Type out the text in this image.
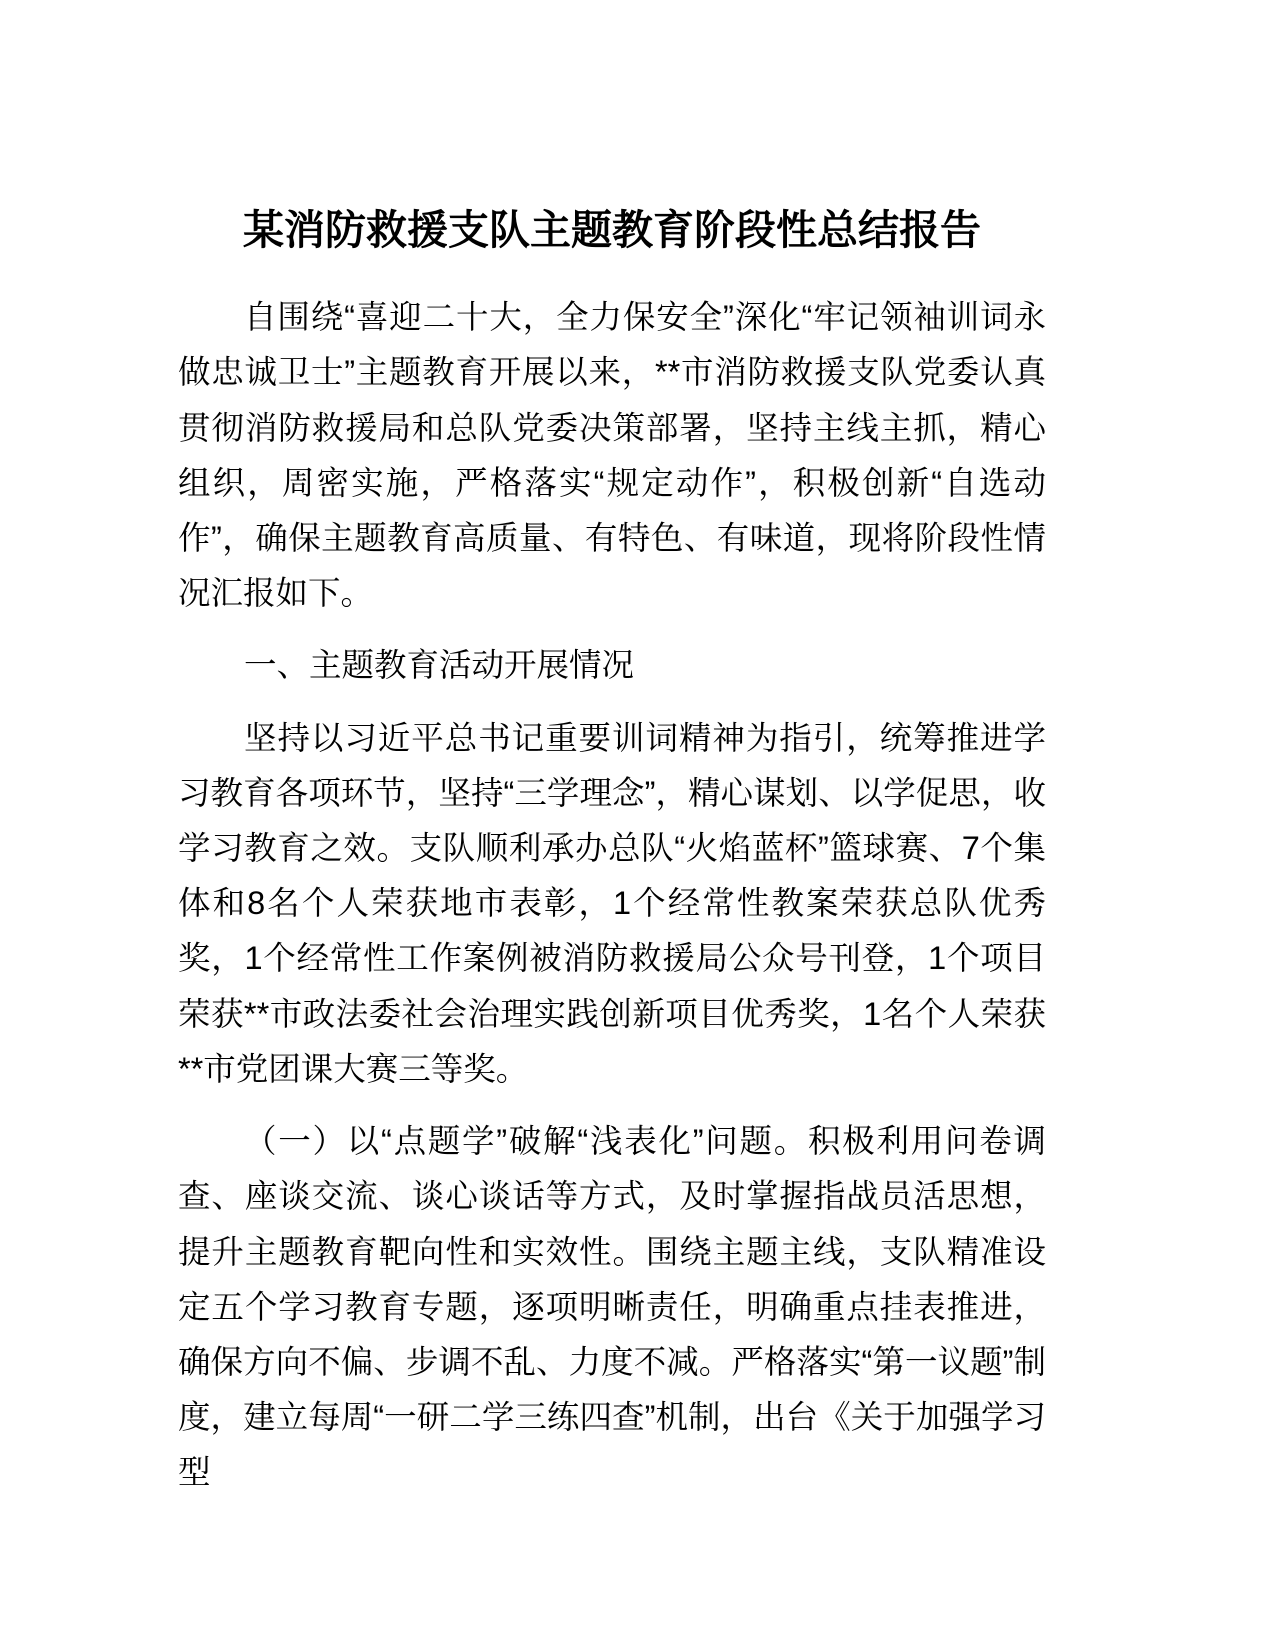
某消防救援支队主题教育阶段性总结报告

自围绕“喜迎二十大，全力保安全”深化“牢记领袖训词永做忠诚卫士”主题教育开展以来，**市消防救援支队党委认真贯彻消防救援局和总队党委决策部署，坚持主线主抓，精心组织，周密实施，严格落实“规定动作”，积极创新“自选动作”，确保主题教育高质量、有特色、有味道，现将阶段性情况汇报如下。

一、主题教育活动开展情况

坚持以习近平总书记重要训词精神为指引，统筹推进学习教育各项环节，坚持“三学理念”，精心谋划、以学促思，收学习教育之效。支队顺利承办总队“火焰蓝杯”篮球赛、7个集体和8名个人荣获地市表彰，1个经常性教案荣获总队优秀奖，1个经常性工作案例被消防救援局公众号刊登，1个项目荣获**市政法委社会治理实践创新项目优秀奖，1名个人荣获**市党团课大赛三等奖。

（一）以“点题学”破解“浅表化”问题。积极利用问卷调查、座谈交流、谈心谈话等方式，及时掌握指战员活思想，提升主题教育靶向性和实效性。围绕主题主线，支队精准设定五个学习教育专题，逐项明晰责任，明确重点挂表推进，确保方向不偏、步调不乱、力度不减。严格落实“第一议题”制度，建立每周“一研二学三练四查”机制，出台《关于加强学习型
